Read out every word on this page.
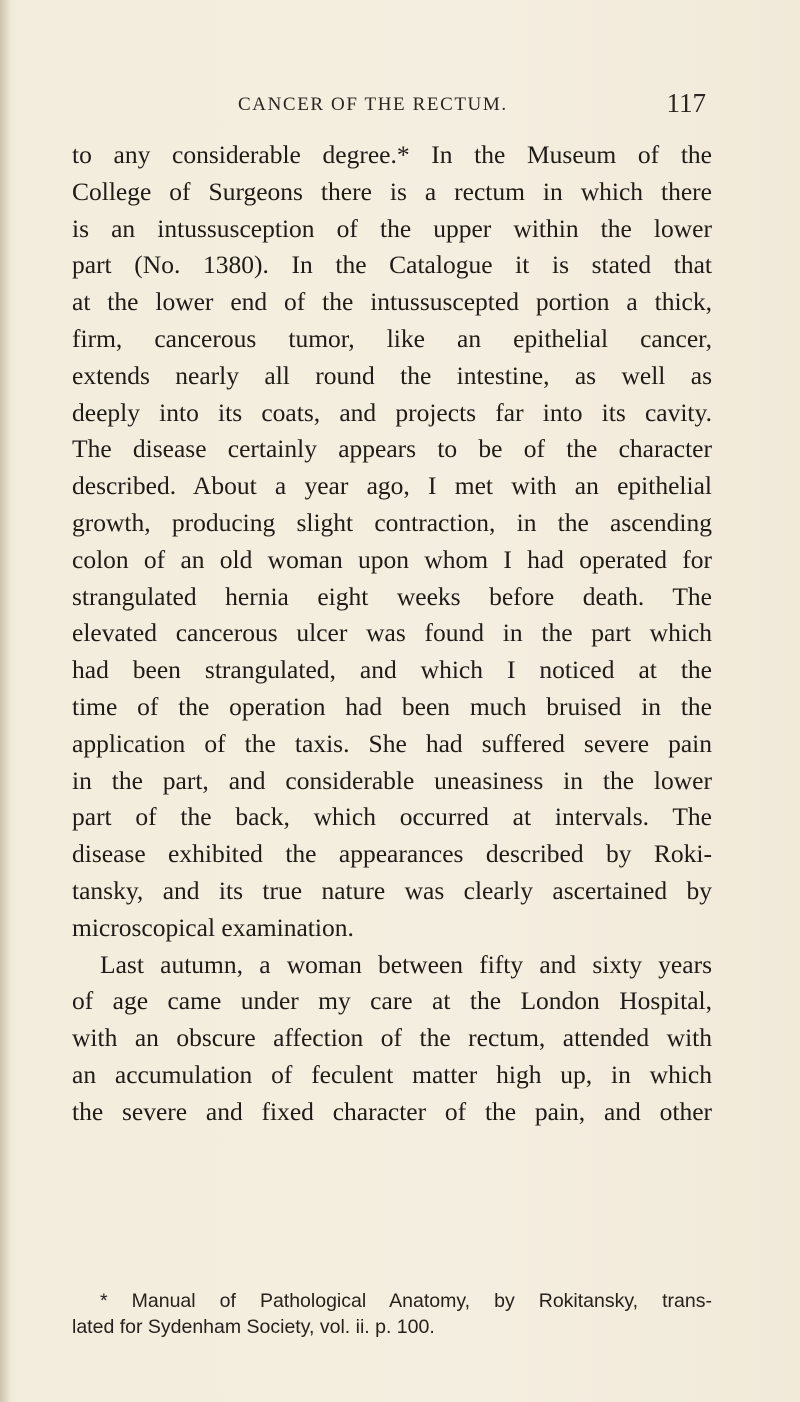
CANCER OF THE RECTUM.	117
to any considerable degree.* In the Museum of the
College of Surgeons there is a rectum in which there
is an intussusception of the upper within the lower
part (No. 1380). In the Catalogue it is stated that
at the lower end of the intussuscepted portion a thick,
firm, cancerous tumor, like an epithelial cancer,
extends nearly all round the intestine, as well as
deeply into its coats, and projects far into its cavity.
The disease certainly appears to be of the character
described. About a year ago, I met with an epithelial
growth, producing slight contraction, in the ascending
colon of an old woman upon whom I had operated for
strangulated hernia eight weeks before death. The
elevated cancerous ulcer was found in the part which
had been strangulated, and which I noticed at the
time of the operation had been much bruised in the
application of the taxis. She had suffered severe pain
in the part, and considerable uneasiness in the lower
part of the back, which occurred at intervals. The
disease exhibited the appearances described by Roki-
tansky, and its true nature was clearly ascertained by
microscopical examination.
Last autumn, a woman between fifty and sixty years
of age came under my care at the London Hospital,
with an obscure affection of the rectum, attended with
an accumulation of feculent matter high up, in which
the severe and fixed character of the pain, and other
* Manual of Pathological Anatomy, by Rokitansky, trans-
lated for Sydenham Society, vol. ii. p. 100.
